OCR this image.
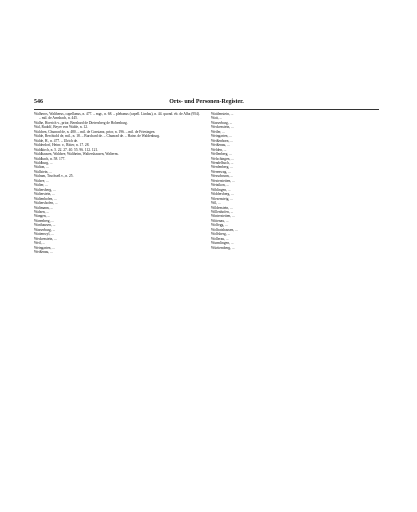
546	Orts- und Personen-Register.

Walheros, Waltherus, capellanus, n. 477. – mgr., n. 68. – plebanus (capell. Lindau), n. 44. quond. eb. de Alba (954). – mil. de Arnsbach, n. 445.

Walhe, Hoerich v., prior, Bernhard de Dietersberg de Hohenburg.

Wal, Rudolf, Beyer von Walde, n. 12.

Walchen, Chunrad de, n. 480. – mil. de Constanz, prior, n. 196. – mil. de Friesingen.

Walde, Berchtold de, mil., n. 18. – Burchard de. – Chunrad de. – Hainr. de Waldenburg.

Walde, H., n. 477. – Ulrich de.

Walderdorf, Heinr. v., Ritter, n. 17. 28.

Waldkirch, n. 5. 22. 27. 40. 55. 96. 112. 121.

Waldhausen, Waldsee, Waltheim, Waltershausen, Walterns.

Waldbach, n. 58. 177.

Waldburg, ...

Walton, ...

Wallstein, ...

Walram, Truchseß v., n. 25.

Walsee, ...

Walter, ...

Waltersberg, ...

Walterstein, ...

Waltenhofen, ...

Waltershofen, ...

Waltmann, ...

Walzen, ...

Wangen, ...

Warenberg, ...

Warthausen, ...

Wasserburg, ...

Wattenwyl, ...

Weckenstein, ...

Weil, ...

Weingarten, ...

Weißenau, ...

Wattlenstein, ...

Watt, ...

Wasserburg, ...

Weckenstein, ...

Weiler, ...

Weingarten, ...

Weißenhorn, ...

Weißenau, ...

Welden, ...

Wellenberg, ...

Welschingen, ...

Wendelbuch, ...

Werdenberg, ...

Werenwag, ...

Wessobrunn, ...

Westerstetten, ...

Wetzikon, ...

Wiblingen, ...

Widdersberg, ...

Wiesensteig, ...

Wil, ...

Wildenstein, ...

Willenhofen, ...

Winterstetten, ...

Wittenau, ...

Wolfegg, ...

Wolfratshausen, ...

Wolfsberg, ...

Wollerau, ...

Wurmlingen, ...

Württemberg, ...
